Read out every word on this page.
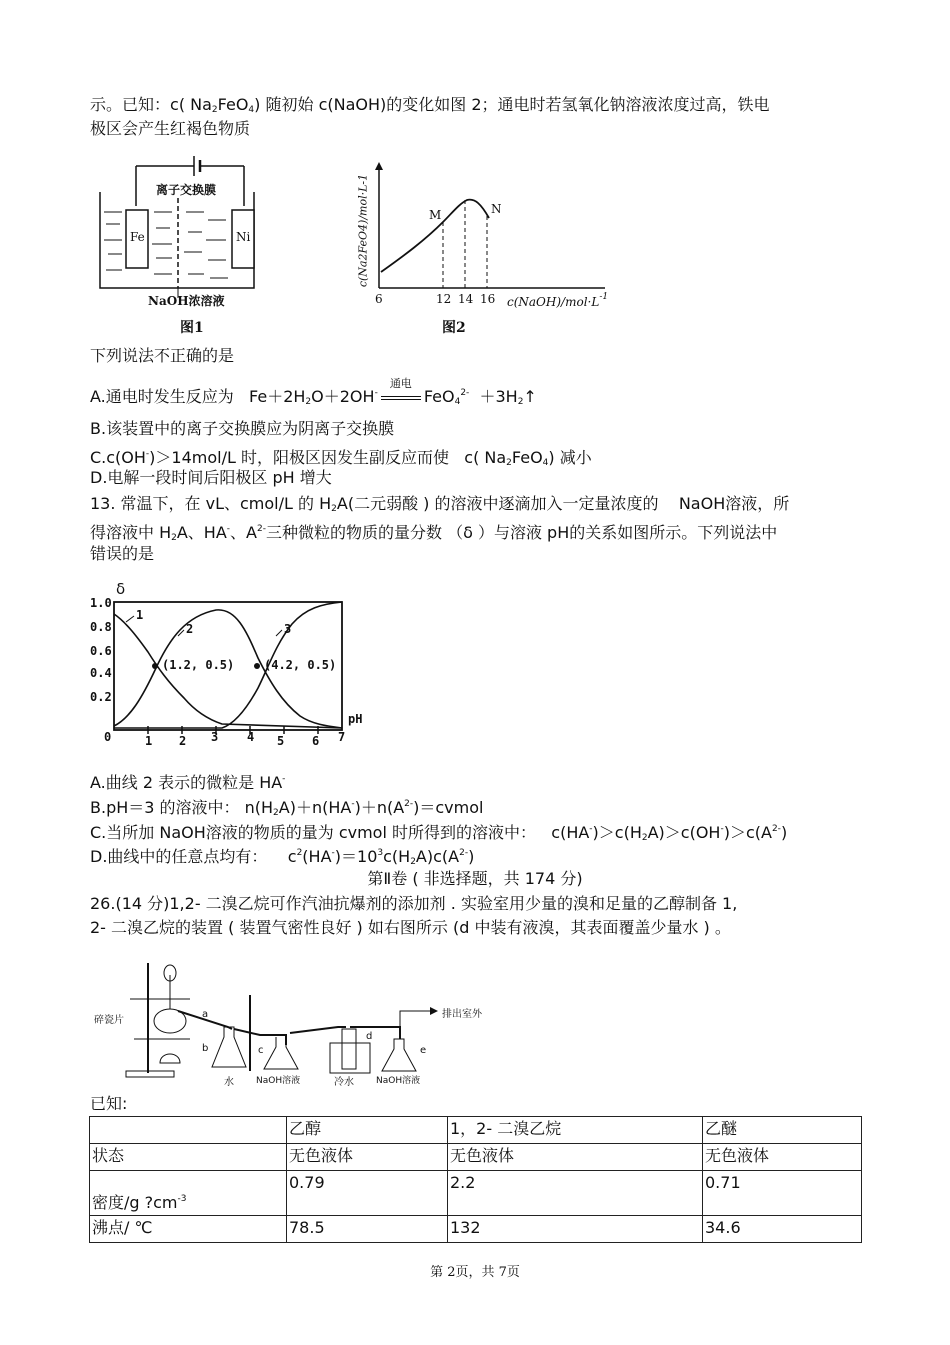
示。已知：c( $Na_2FeO_4$) 随初始 c(NaOH)的变化如图 2；通电时若氢氧化钠溶液浓度过高，铁电
极区会产生红褐色物质
离子交换膜
Fe	Ni
NaOH浓溶液
图1
c(Na2FeO4)/mol·L-1	M	N
6	12 14 16 $c(NaOH)/mol\cdot L^{-1}$
图2
下列说法不正确的是
A.通电时发生反应为 $Fe+2H_2O+2OH^-$
通电
$FeO_4^{2-} +3H_2↑$
B.该装置中的离子交换膜应为阴离子交换膜
C.c(OH-)＞14mol/L 时，阳极区因发生副反应而使 c( $Na_2FeO_4$) 减小
D.电解一段时间后阳极区 pH 增大
13. 常温下，在 vL、cmol/L 的 $H_2A$(二元弱酸 ) 的溶液中逐滴加入一定量浓度的 NaOH溶液，所
得溶液中 $H_2A$、HA-、$A^{2-}$三种微粒的物质的量分数 （δ ）与溶液 pH的关系如图所示。下列说法中
错误的是
δ
1.0
0.8
0.6
0.4
0.2
0	1 2 3 4 5 6 7
pH
1
2	3
(1.2, 0.5) (4.2, 0.5)
A.曲线 2 表示的微粒是 HA-
B.pH＝3 的溶液中： $n(H_2A)+n(HA^-)+n(A^{2-})=cvmol$
C.当所加 NaOH溶液的物质的量为 cvmol 时所得到的溶液中： $c(HA^-)>c(H_2A)>c(OH^-)>c(A^{2-})$
D.曲线中的任意点均有： $c^2(HA^-)=10^3c(H_2A)c(A^{2-})$
第Ⅱ卷 ( 非选择题，共 174 分)
26.(14 分)1,2- 二溴乙烷可作汽油抗爆剂的添加剂 . 实验室用少量的溴和足量的乙醇制备 1,
2- 二溴乙烷的装置 ( 装置气密性良好 ) 如右图所示 (d 中装有液溴，其表面覆盖少量水 ) 。
碎瓷片
排出室外
a
b	c
d
e
水 NaOH溶液	冷水 NaOH溶液
已知:
	乙醇	1，2- 二溴乙烷	乙醚
状态	无色液体	无色液体	无色液体
密度/g $?cm^{-3}$	0.79	2.2	0.71
沸点/ ℃	78.5	132	34.6
第 2页，共 7页
